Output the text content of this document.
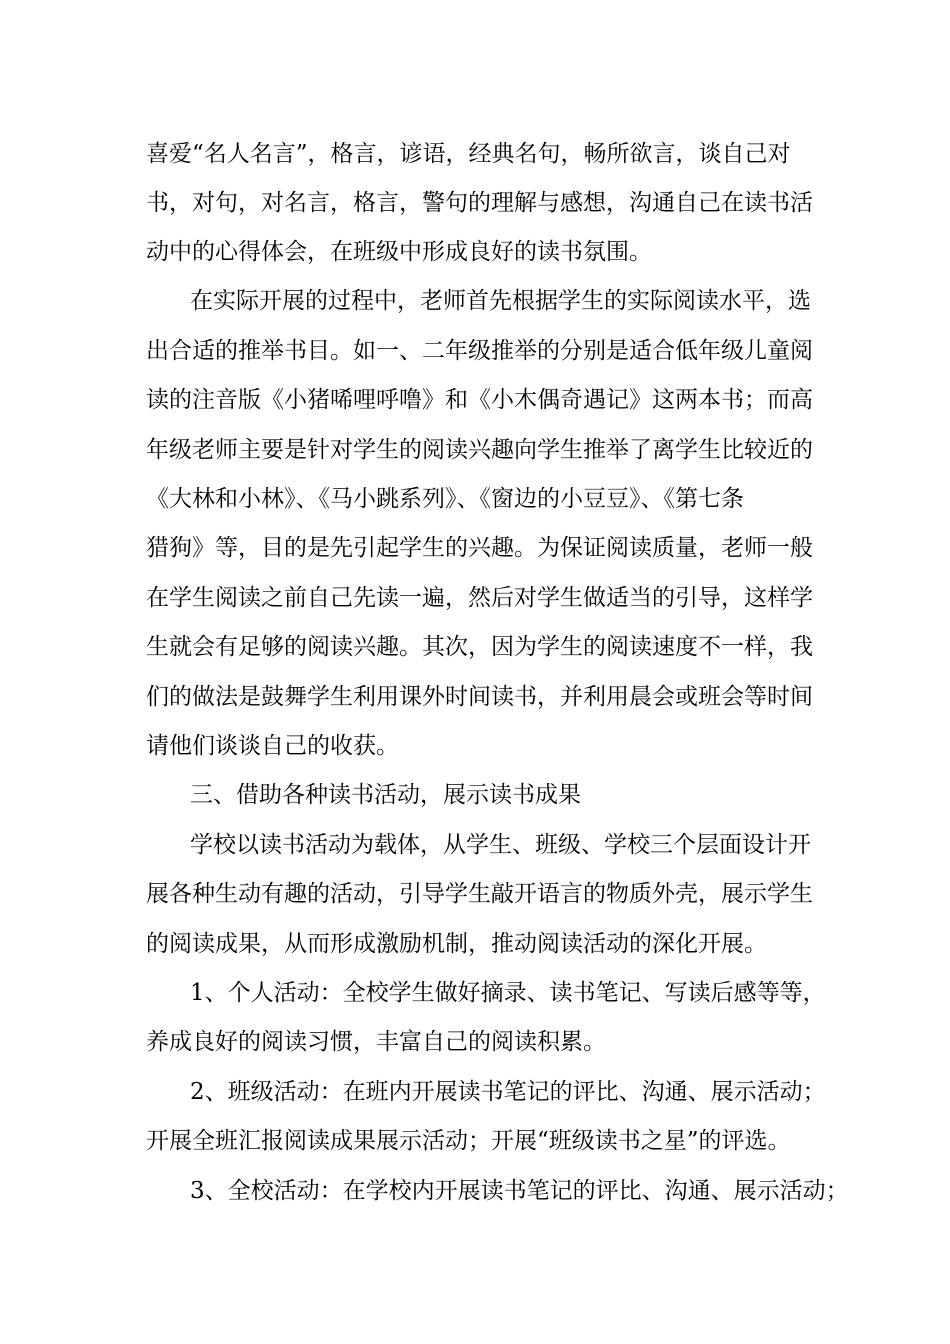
喜爱“名人名言”，格言，谚语，经典名句，畅所欲言，谈自己对
书，对句，对名言，格言，警句的理解与感想，沟通自己在读书活
动中的心得体会，在班级中形成良好的读书氛围。
在实际开展的过程中，老师首先根据学生的实际阅读水平，选
出合适的推举书目。如一、二年级推举的分别是适合低年级儿童阅
读的注音版《小猪唏哩呼噜》和《小木偶奇遇记》这两本书；而高
年级老师主要是针对学生的阅读兴趣向学生推举了离学生比较近的
《大林和小林》、《马小跳系列》、《窗边的小豆豆》、《第七条
猎狗》等，目的是先引起学生的兴趣。为保证阅读质量，老师一般
在学生阅读之前自己先读一遍，然后对学生做适当的引导，这样学
生就会有足够的阅读兴趣。其次，因为学生的阅读速度不一样，我
们的做法是鼓舞学生利用课外时间读书，并利用晨会或班会等时间
请他们谈谈自己的收获。
三、借助各种读书活动，展示读书成果
学校以读书活动为载体，从学生、班级、学校三个层面设计开
展各种生动有趣的活动，引导学生敲开语言的物质外壳，展示学生
的阅读成果，从而形成激励机制，推动阅读活动的深化开展。
1、个人活动：全校学生做好摘录、读书笔记、写读后感等等，
养成良好的阅读习惯，丰富自己的阅读积累。
2、班级活动：在班内开展读书笔记的评比、沟通、展示活动；
开展全班汇报阅读成果展示活动；开展“班级读书之星”的评选。
3、全校活动：在学校内开展读书笔记的评比、沟通、展示活动；
